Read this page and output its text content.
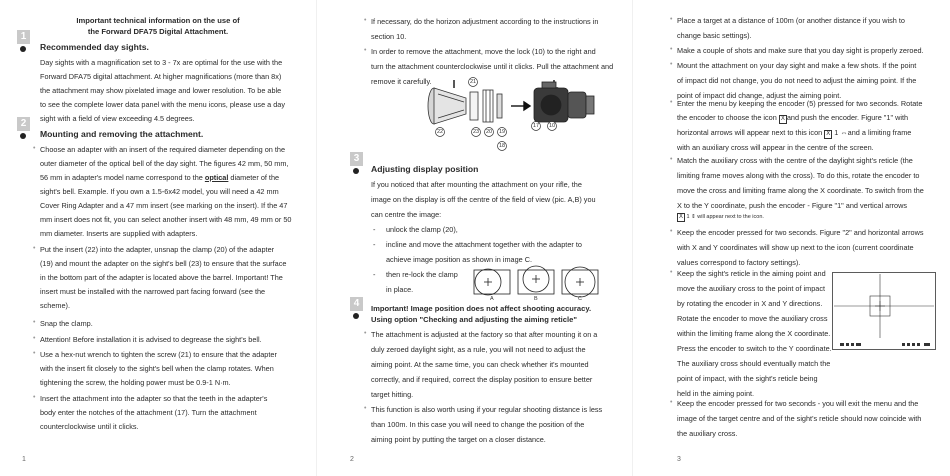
Important technical information on the use of
the Forward DFA75 Digital Attachment.
1
Recommended day sights.
Day sights with a magnification set to 3 - 7x are optimal for the use with the
Forward DFA75 digital attachment. At higher magnifications (more than 8x)
the attachment may show pixelated image and lower resolution. To be able
to see the complete lower data panel with the menu icons, please use a day
sight with a field of view exceeding 4.5 degrees.
2
Mounting and removing the attachment.
• Choose an adapter with an insert of the required diameter depending on the
outer diameter of the optical bell of the day sight. The figures 42 mm, 50 mm,
56 mm in adapter's model name correspond to the optical diameter of the
sight's bell. Example. If you own a 1.5-6x42 model, you will need a 42 mm
Cover Ring Adapter and a 47 mm insert (see marking on the insert). If the 47
mm insert does not fit, you can select another insert with 48 mm, 49 mm or 50
mm diameter. Inserts are supplied with adapters.
• Put the insert (22) into the adapter, unsnap the clamp (20) of the adapter
(19) and mount the adapter on the sight's bell (23) to ensure that the surface
in the bottom part of the adapter is located above the barrel. Important! The
insert must be installed with the narrowed part facing forward (see the
scheme).
• Snap the clamp.
• Attention! Before installation it is advised to degrease the sight's bell.
• Use a hex-nut wrench to tighten the screw (21) to ensure that the adapter
with the insert fit closely to the sight's bell when the clamp rotates. When
tightening the screw, the holding power must be 0.9-1 N·m.
• Insert the attachment into the adapter so that the teeth in the adapter's
body enter the notches of the attachment (17). Turn the attachment
counterclockwise until it clicks.
1
• If necessary, do the horizon adjustment according to the instructions in
section 10.
• In order to remove the attachment, move the lock (10) to the right and
turn the attachment counterclockwise until it clicks. Pull the attachment and
remove it carefully.	21
22	23 20 19
18
17 10
3
Adjusting display position
If you noticed that after mounting the attachment on your rifle, the
image on the display is off the centre of the field of view (pic. A,B) you
can centre the image:
- unlock the clamp (20),
- incline and move the attachment together with the adapter to
achieve image position as shown in image C.
- then re-lock the clamp
in place.
A	B	C
4	Important! Image position does not affect shooting accuracy.
Using option "Checking and adjusting the aiming reticle"
• The attachment is adjusted at the factory so that after mounting it on a
duly zeroed daylight sight, as a rule, you will not need to adjust the
aiming point. At the same time, you can check whether it's mounted
correctly, and if required, correct the display position to ensure better
target hitting.
• This function is also worth using if your regular shooting distance is less
than 100m. In this case you will need to change the position of the
aiming point by putting the target on a closer distance.
2
• Place a target at a distance of 100m (or another distance if you wish to
change basic settings).
• Make a couple of shots and make sure that you day sight is properly zeroed.
• Mount the attachment on your day sight and make a few shots. If the point
of impact did not change, you do not need to adjust the aiming point. If the
point of impact did change, adjust the aiming point.
• Enter the menu by keeping the encoder (5) pressed for two seconds. Rotate
the encoder to choose the icon X and push the encoder. Figure "1" with
horizontal arrows will appear next to this icon X 1 ⇔and a limiting frame
with an auxiliary cross will appear in the centre of the screen.
• Match the auxiliary cross with the centre of the daylight sight's reticle (the
limiting frame moves along with the cross). To do this, rotate the encoder to
move the cross and limiting frame along the X coordinate. To switch from the
X to the Y coordinate, push the encoder - Figure "1" and vertical arrows
X 1 ⇕ will appear next to the icon.
• Keep the encoder pressed for two seconds. Figure "2" and horizontal arrows
with X and Y coordinates will show up next to the icon (current coordinate
values correspond to factory settings).
• Keep the sight's reticle in the aiming point and
move the auxiliary cross to the point of impact
by rotating the encoder in X and Y directions.
Rotate the encoder to move the auxiliary cross
within the limiting frame along the X coordinate.
Press the encoder to switch to the Y coordinate.
The auxiliary cross should eventually match the
point of impact, with the sight's reticle being
held in the aiming point.
• Keep the encoder pressed for two seconds - you will exit the menu and the
image of the target centre and of the sight's reticle should now coincide with
the auxiliary cross.
3
